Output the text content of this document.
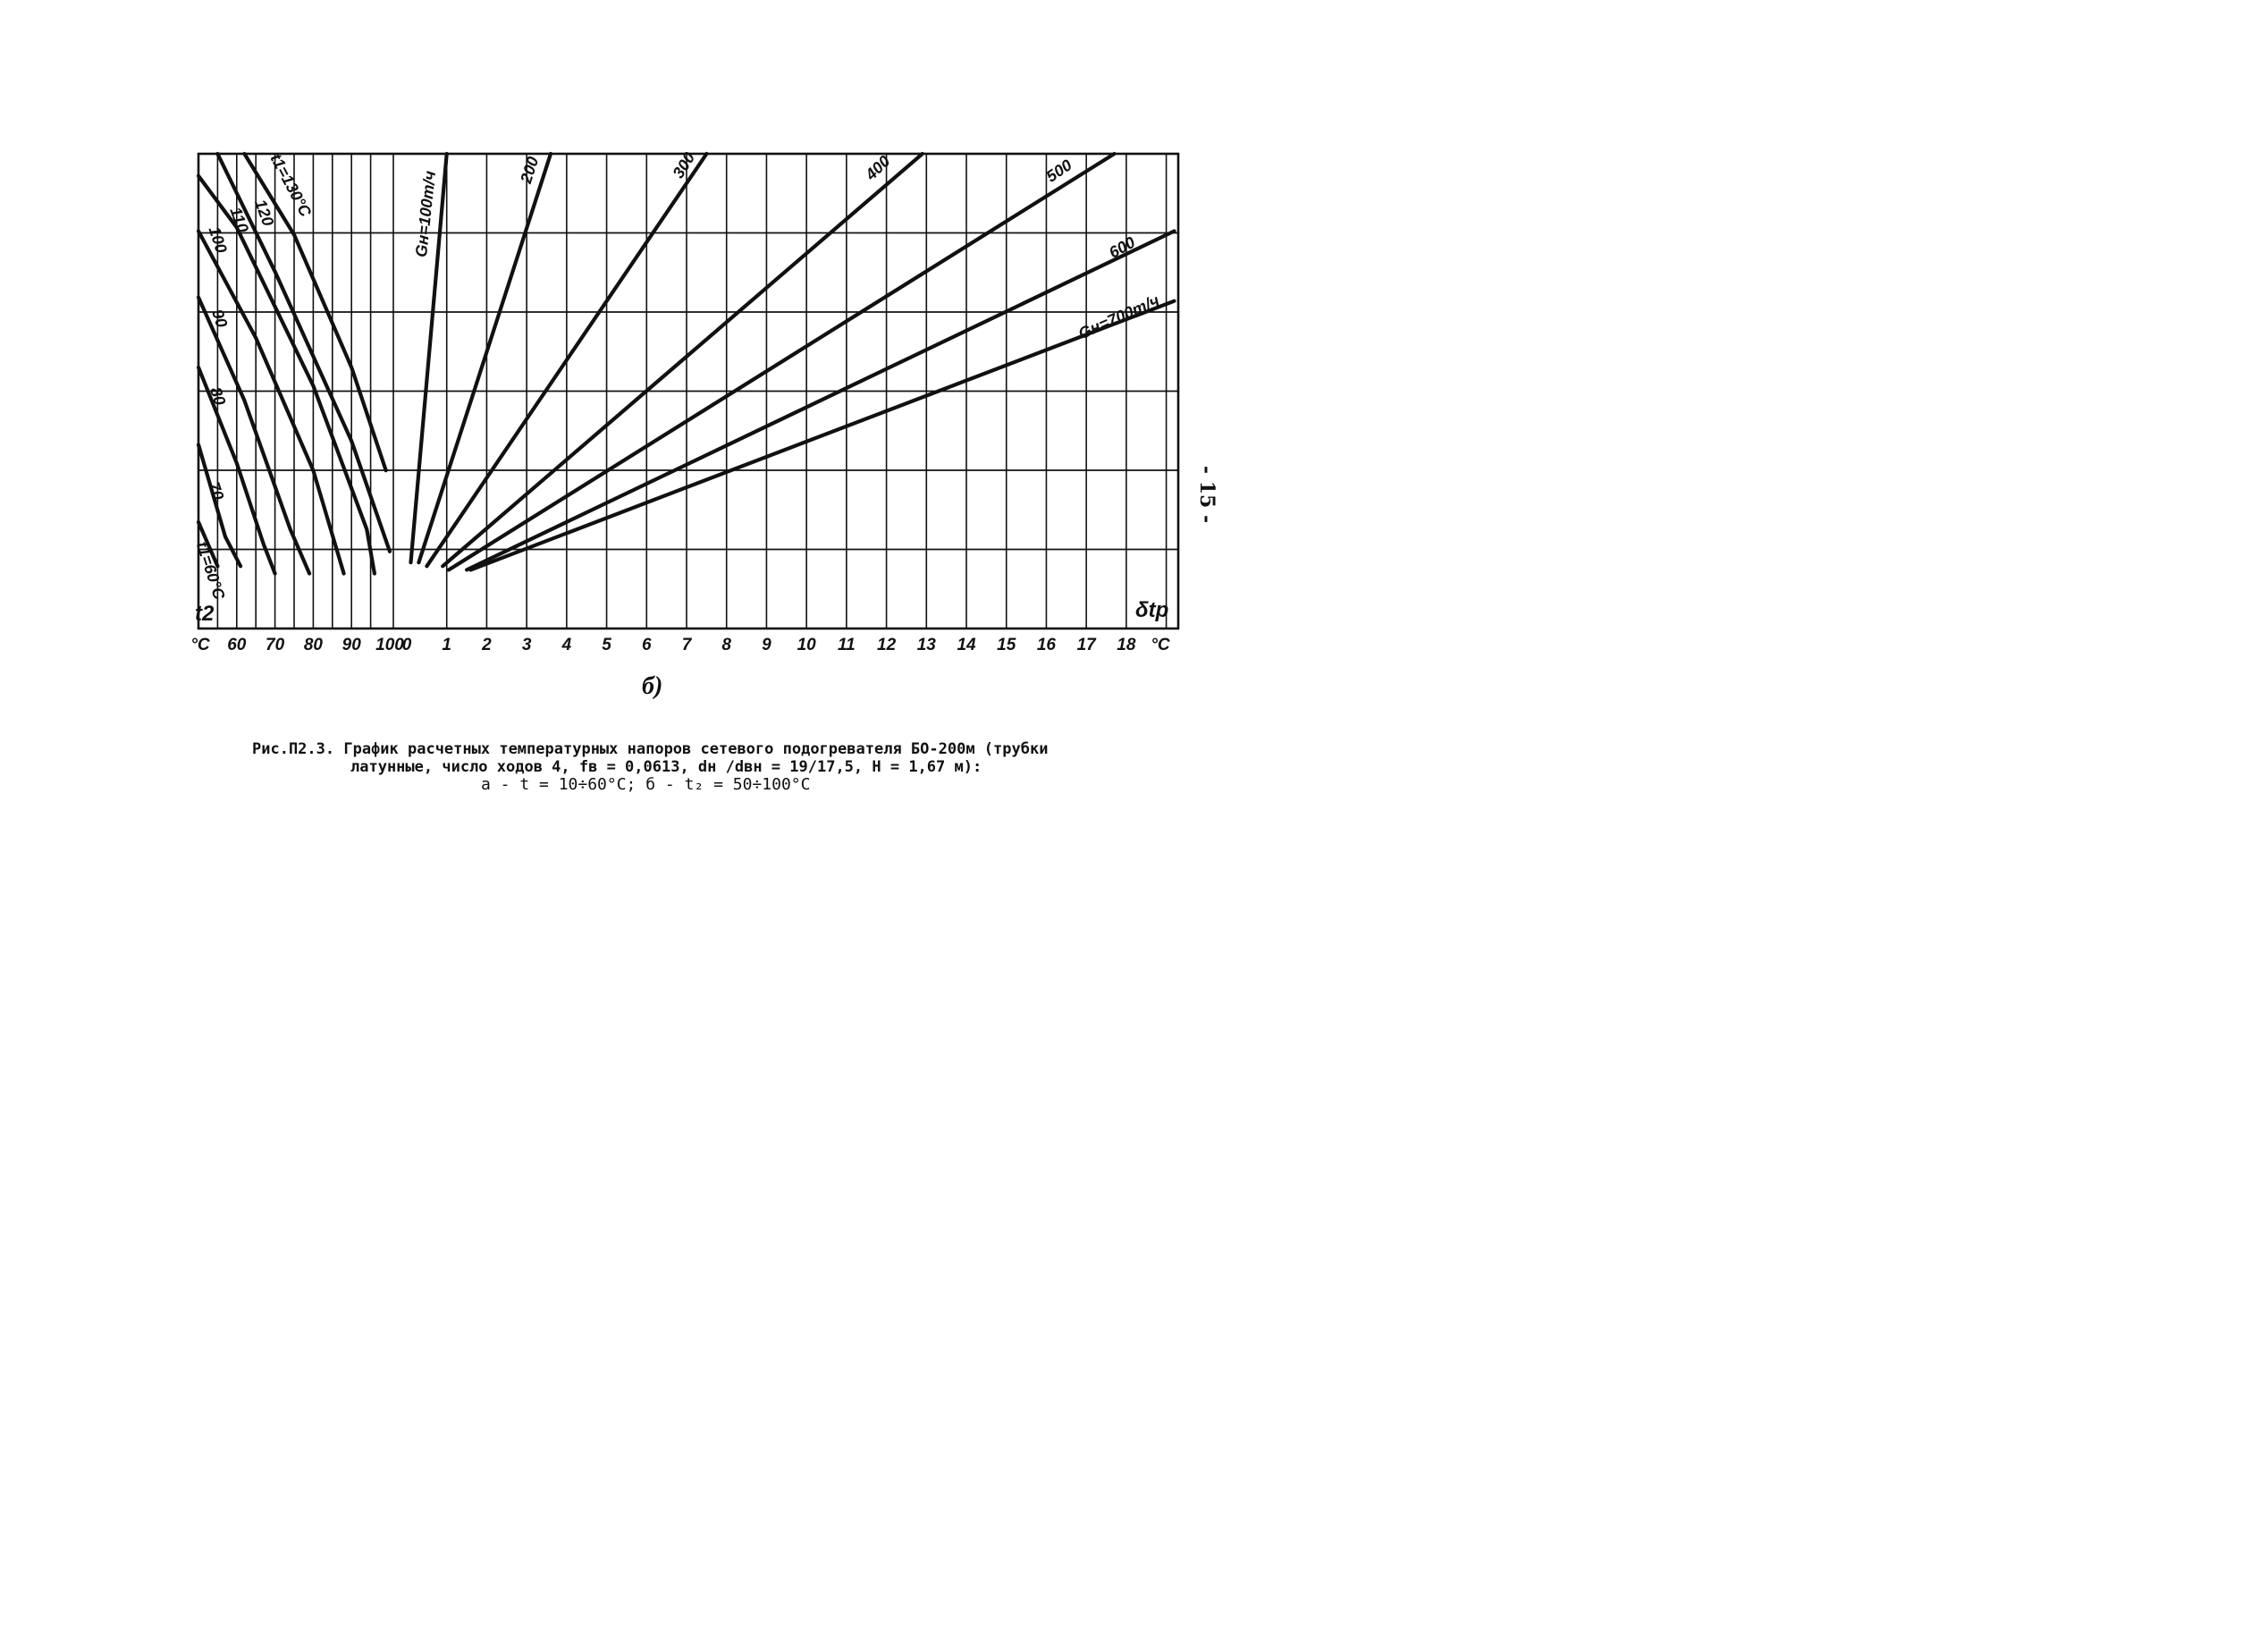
60 70 80 90 100
0 1 2 3 4 5 6 7 8 9 10 11 12 13 14 15 16 17 18
°C	°C
t2	δtр
t1=130°C
120
110
100
90
80
70
t1=60°C
Gн=100т/ч	200	300	400	500
600
Gн=700т/ч
- 15 -
б)
Рис.П2.3. График расчетных температурных напоров сетевого подогревателя БО-200м (трубки
латунные, число ходов 4, fв = 0,0613, dн /dвн = 19/17,5, H = 1,67 м):
a - t = 10÷60°C; б - t₂ = 50÷100°C
